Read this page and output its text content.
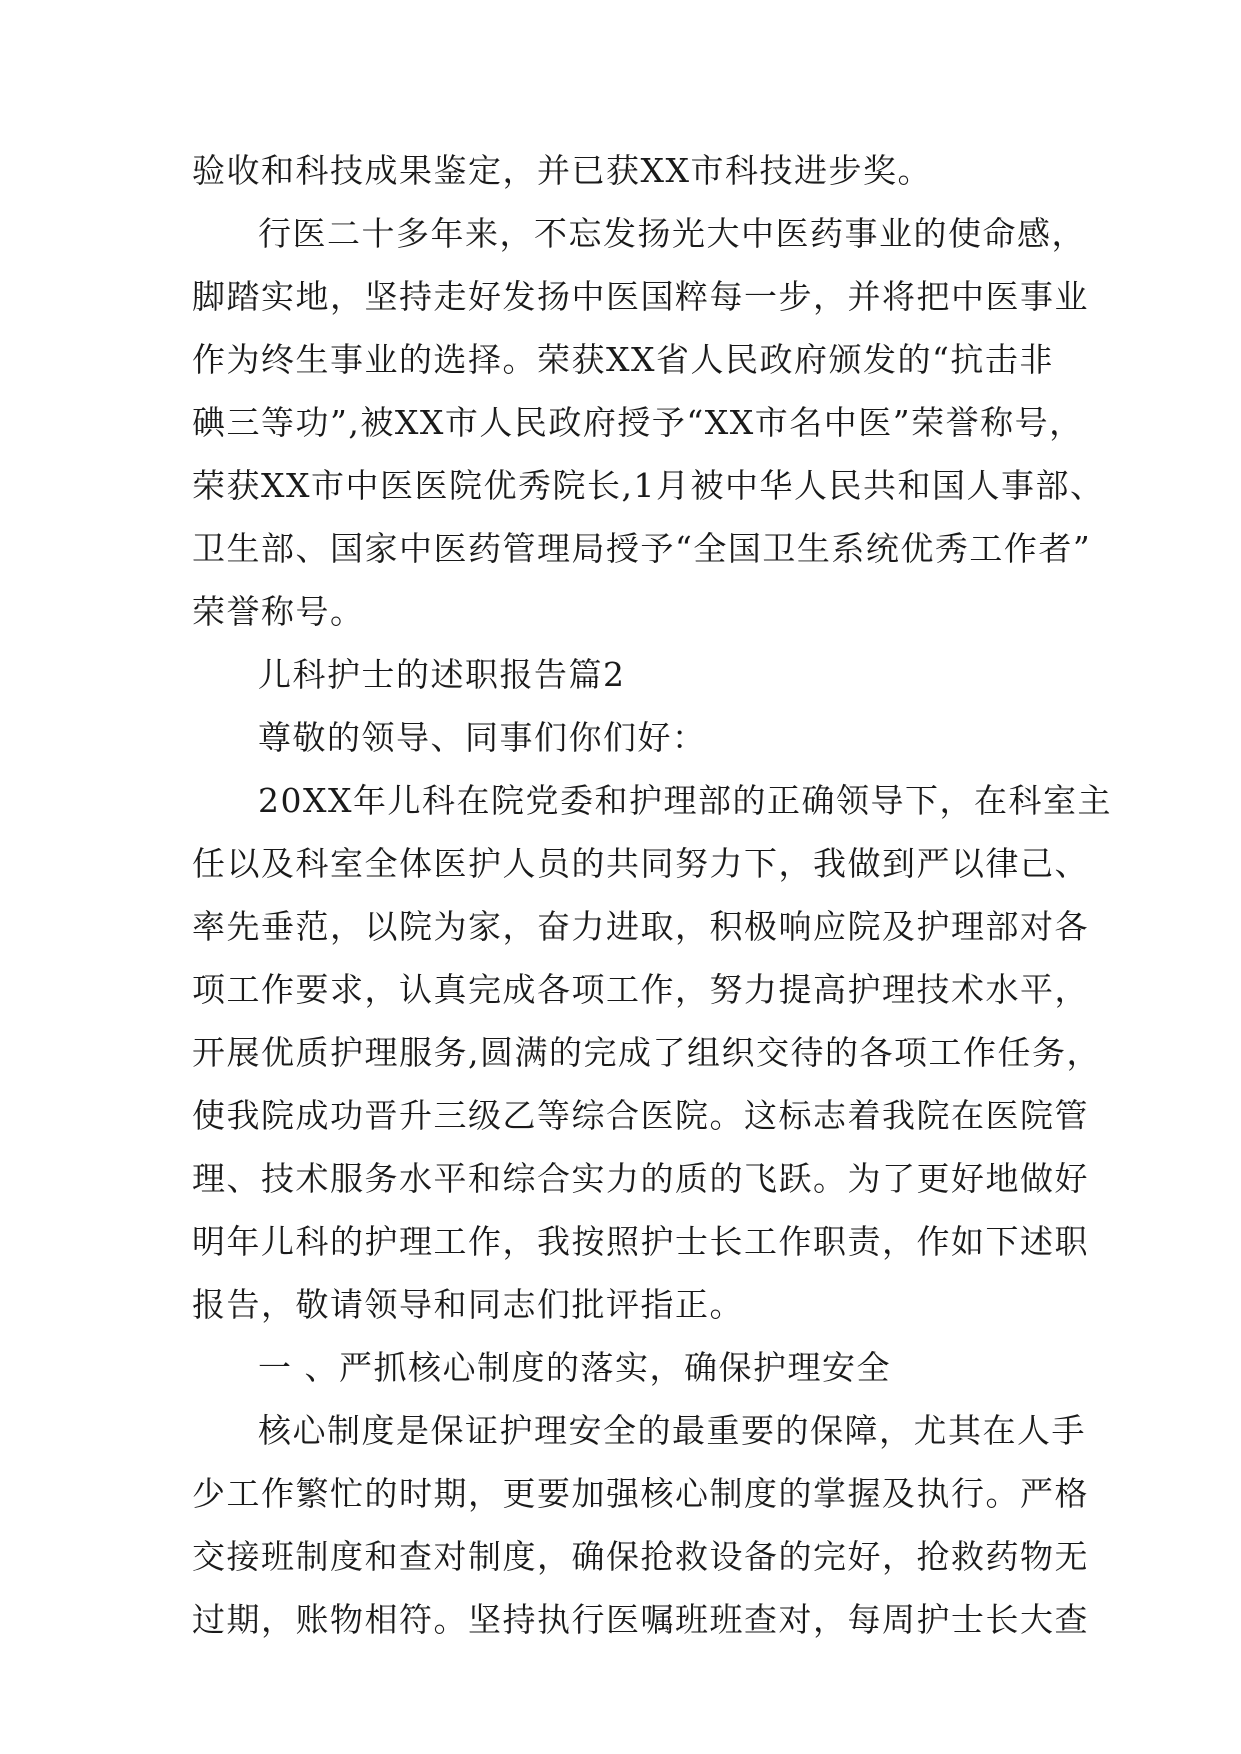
验收和科技成果鉴定，并已获XX市科技进步奖。
行医二十多年来，不忘发扬光大中医药事业的使命感，
脚踏实地，坚持走好发扬中医国粹每一步，并将把中医事业
作为终生事业的选择。荣获XX省人民政府颁发的“抗击非
碘三等功”,被XX市人民政府授予“XX市名中医”荣誉称号，
荣获XX市中医医院优秀院长,1月被中华人民共和国人事部、
卫生部、国家中医药管理局授予“全国卫生系统优秀工作者”
荣誉称号。
儿科护士的述职报告篇2
尊敬的领导、同事们你们好：
20XX年儿科在院党委和护理部的正确领导下，在科室主
任以及科室全体医护人员的共同努力下，我做到严以律己、
率先垂范，以院为家，奋力进取，积极响应院及护理部对各
项工作要求，认真完成各项工作，努力提高护理技术水平，
开展优质护理服务,圆满的完成了组织交待的各项工作任务，
使我院成功晋升三级乙等综合医院。这标志着我院在医院管
理、技术服务水平和综合实力的质的飞跃。为了更好地做好
明年儿科的护理工作，我按照护士长工作职责，作如下述职
报告，敬请领导和同志们批评指正。
一 、严抓核心制度的落实，确保护理安全
核心制度是保证护理安全的最重要的保障，尤其在人手
少工作繁忙的时期，更要加强核心制度的掌握及执行。严格
交接班制度和查对制度，确保抢救设备的完好，抢救药物无
过期，账物相符。坚持执行医嘱班班查对，每周护士长大查
